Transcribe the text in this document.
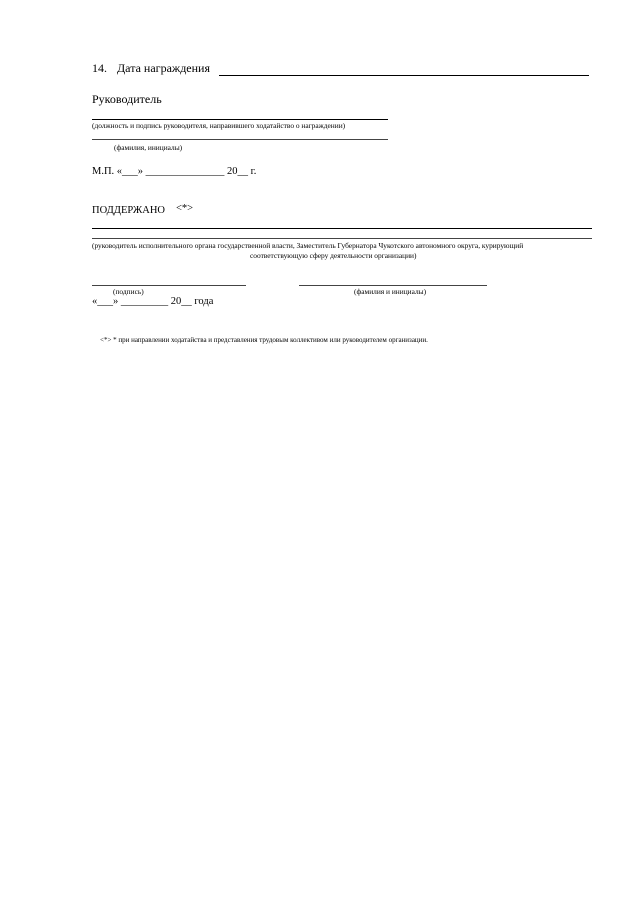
14. Дата награждения
Руководитель
(должность и подпись руководителя, направившего ходатайство о награждении)
(фамилия, инициалы)
М.П. «___» _______________ 20__ г.
ПОДДЕРЖАНО <*>
(руководитель исполнительного органа государственной власти, Заместитель Губернатора Чукотского автономного округа, курирующий
соответствующую сферу деятельности организации)
(подпись)	(фамилия и инициалы)
«___» _________ 20__ года
<*> * при направлении ходатайства и представления трудовым коллективом или руководителем организации.
